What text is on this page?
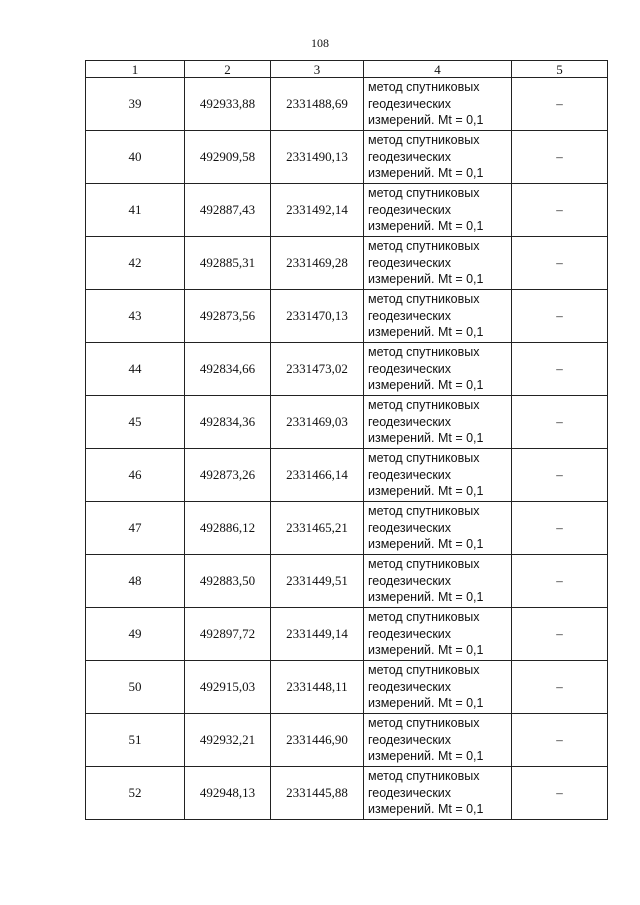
108
1	2	3	4	5
39	492933,88	2331488,69	метод спутниковых
геодезических
измерений. Mt = 0,1	–
40	492909,58	2331490,13	метод спутниковых
геодезических
измерений. Mt = 0,1	–
41	492887,43	2331492,14	метод спутниковых
геодезических
измерений. Mt = 0,1	–
42	492885,31	2331469,28	метод спутниковых
геодезических
измерений. Mt = 0,1	–
43	492873,56	2331470,13	метод спутниковых
геодезических
измерений. Mt = 0,1	–
44	492834,66	2331473,02	метод спутниковых
геодезических
измерений. Mt = 0,1	–
45	492834,36	2331469,03	метод спутниковых
геодезических
измерений. Mt = 0,1	–
46	492873,26	2331466,14	метод спутниковых
геодезических
измерений. Mt = 0,1	–
47	492886,12	2331465,21	метод спутниковых
геодезических
измерений. Mt = 0,1	–
48	492883,50	2331449,51	метод спутниковых
геодезических
измерений. Mt = 0,1	–
49	492897,72	2331449,14	метод спутниковых
геодезических
измерений. Mt = 0,1	–
50	492915,03	2331448,11	метод спутниковых
геодезических
измерений. Mt = 0,1	–
51	492932,21	2331446,90	метод спутниковых
геодезических
измерений. Mt = 0,1	–
52	492948,13	2331445,88	метод спутниковых
геодезических
измерений. Mt = 0,1	–
